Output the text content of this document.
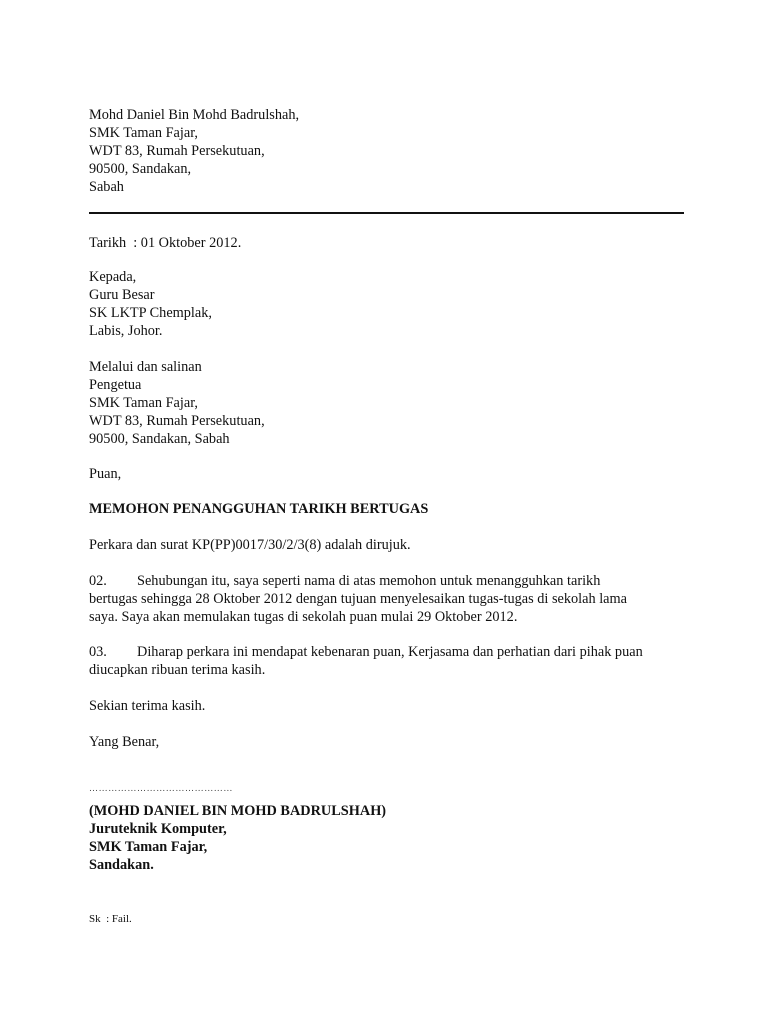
Mohd Daniel Bin Mohd Badrulshah,
SMK Taman Fajar,
WDT 83, Rumah Persekutuan,
90500, Sandakan,
Sabah
Tarikh  : 01 Oktober 2012.
Kepada,
Guru Besar
SK LKTP Chemplak,
Labis, Johor.
Melalui dan salinan
Pengetua
SMK Taman Fajar,
WDT 83, Rumah Persekutuan,
90500, Sandakan, Sabah
Puan,
MEMOHON PENANGGUHAN TARIKH BERTUGAS
Perkara dan surat KP(PP)0017/30/2/3(8) adalah dirujuk.
02. Sehubungan itu, saya seperti nama di atas memohon untuk menangguhkan tarikh
bertugas sehingga 28 Oktober 2012 dengan tujuan menyelesaikan tugas-tugas di sekolah lama
saya. Saya akan memulakan tugas di sekolah puan mulai 29 Oktober 2012.
03. Diharap perkara ini mendapat kebenaran puan, Kerjasama dan perhatian dari pihak puan
diucapkan ribuan terima kasih.
Sekian terima kasih.
Yang Benar,
………………………………………
(MOHD DANIEL BIN MOHD BADRULSHAH)
Juruteknik Komputer,
SMK Taman Fajar,
Sandakan.
Sk  : Fail.
